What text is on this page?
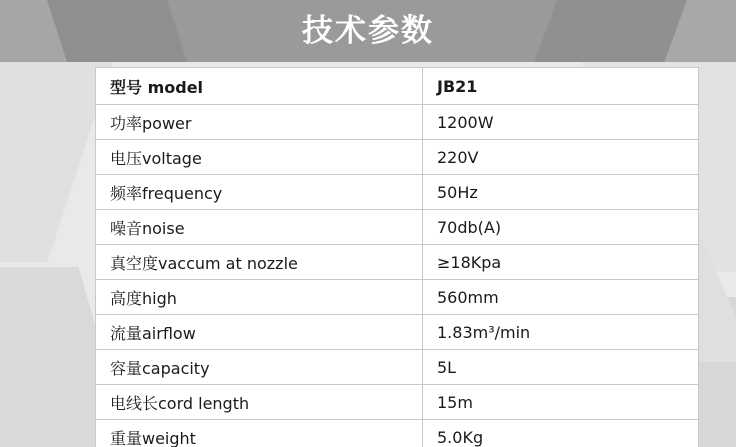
技术参数
型号 model	JB21
功率power	1200W
电压voltage	220V
频率frequency	50Hz
噪音noise	70db(A)
真空度vaccum at nozzle	≥18Kpa
高度high	560mm
流量airflow	1.83m³/min
容量capacity	5L
电线长cord length	15m
重量weight	5.0Kg
